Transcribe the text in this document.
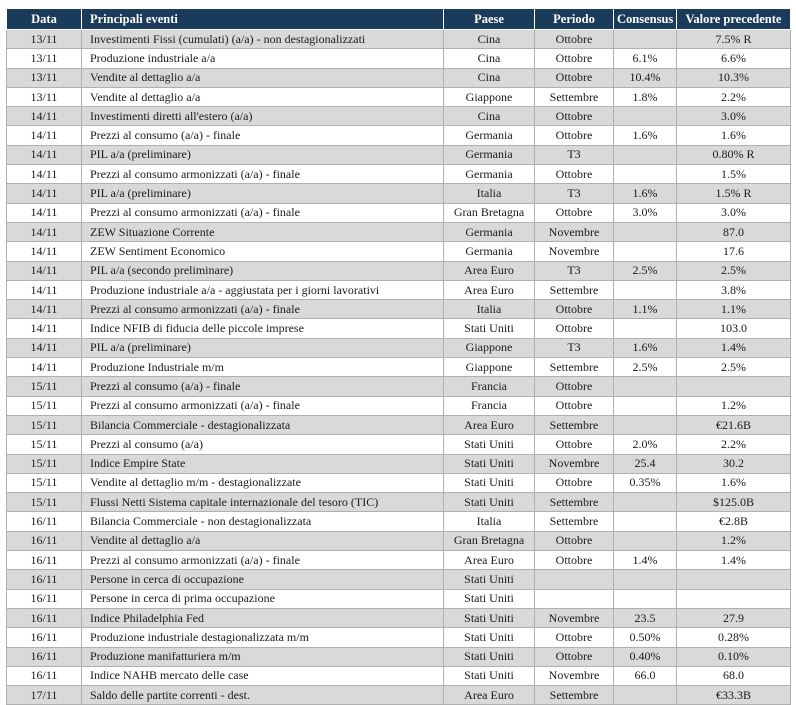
Data	Principali eventi	Paese	Periodo	Consensus	Valore precedente
13/11	Investimenti Fissi (cumulati) (a/a) - non destagionalizzati	Cina	Ottobre		7.5% R
13/11	Produzione industriale a/a	Cina	Ottobre	6.1%	6.6%
13/11	Vendite al dettaglio a/a	Cina	Ottobre	10.4%	10.3%
13/11	Vendite al dettaglio a/a	Giappone	Settembre	1.8%	2.2%
14/11	Investimenti diretti all'estero (a/a)	Cina	Ottobre		3.0%
14/11	Prezzi al consumo (a/a) - finale	Germania	Ottobre	1.6%	1.6%
14/11	PIL a/a (preliminare)	Germania	T3		0.80% R
14/11	Prezzi al consumo armonizzati (a/a) - finale	Germania	Ottobre		1.5%
14/11	PIL a/a (preliminare)	Italia	T3	1.6%	1.5% R
14/11	Prezzi al consumo armonizzati (a/a) - finale	Gran Bretagna	Ottobre	3.0%	3.0%
14/11	ZEW Situazione Corrente	Germania	Novembre		87.0
14/11	ZEW Sentiment Economico	Germania	Novembre		17.6
14/11	PIL a/a (secondo preliminare)	Area Euro	T3	2.5%	2.5%
14/11	Produzione industriale a/a - aggiustata per i giorni lavorativi	Area Euro	Settembre		3.8%
14/11	Prezzi al consumo armonizzati (a/a) - finale	Italia	Ottobre	1.1%	1.1%
14/11	Indice NFIB di fiducia delle piccole imprese	Stati Uniti	Ottobre		103.0
14/11	PIL a/a (preliminare)	Giappone	T3	1.6%	1.4%
14/11	Produzione Industriale m/m	Giappone	Settembre	2.5%	2.5%
15/11	Prezzi al consumo (a/a) - finale	Francia	Ottobre		
15/11	Prezzi al consumo armonizzati (a/a) - finale	Francia	Ottobre		1.2%
15/11	Bilancia Commerciale - destagionalizzata	Area Euro	Settembre		€21.6B
15/11	Prezzi al consumo (a/a)	Stati Uniti	Ottobre	2.0%	2.2%
15/11	Indice Empire State	Stati Uniti	Novembre	25.4	30.2
15/11	Vendite al dettaglio m/m - destagionalizzate	Stati Uniti	Ottobre	0.35%	1.6%
15/11	Flussi Netti Sistema capitale internazionale del tesoro (TIC)	Stati Uniti	Settembre		$125.0B
16/11	Bilancia Commerciale - non destagionalizzata	Italia	Settembre		€2.8B
16/11	Vendite al dettaglio a/a	Gran Bretagna	Ottobre		1.2%
16/11	Prezzi al consumo armonizzati (a/a) - finale	Area Euro	Ottobre	1.4%	1.4%
16/11	Persone in cerca di occupazione	Stati Uniti			
16/11	Persone in cerca di prima occupazione	Stati Uniti			
16/11	Indice Philadelphia Fed	Stati Uniti	Novembre	23.5	27.9
16/11	Produzione industriale destagionalizzata m/m	Stati Uniti	Ottobre	0.50%	0.28%
16/11	Produzione manifatturiera m/m	Stati Uniti	Ottobre	0.40%	0.10%
16/11	Indice NAHB mercato delle case	Stati Uniti	Novembre	66.0	68.0
17/11	Saldo delle partite correnti - dest.	Area Euro	Settembre		€33.3B
